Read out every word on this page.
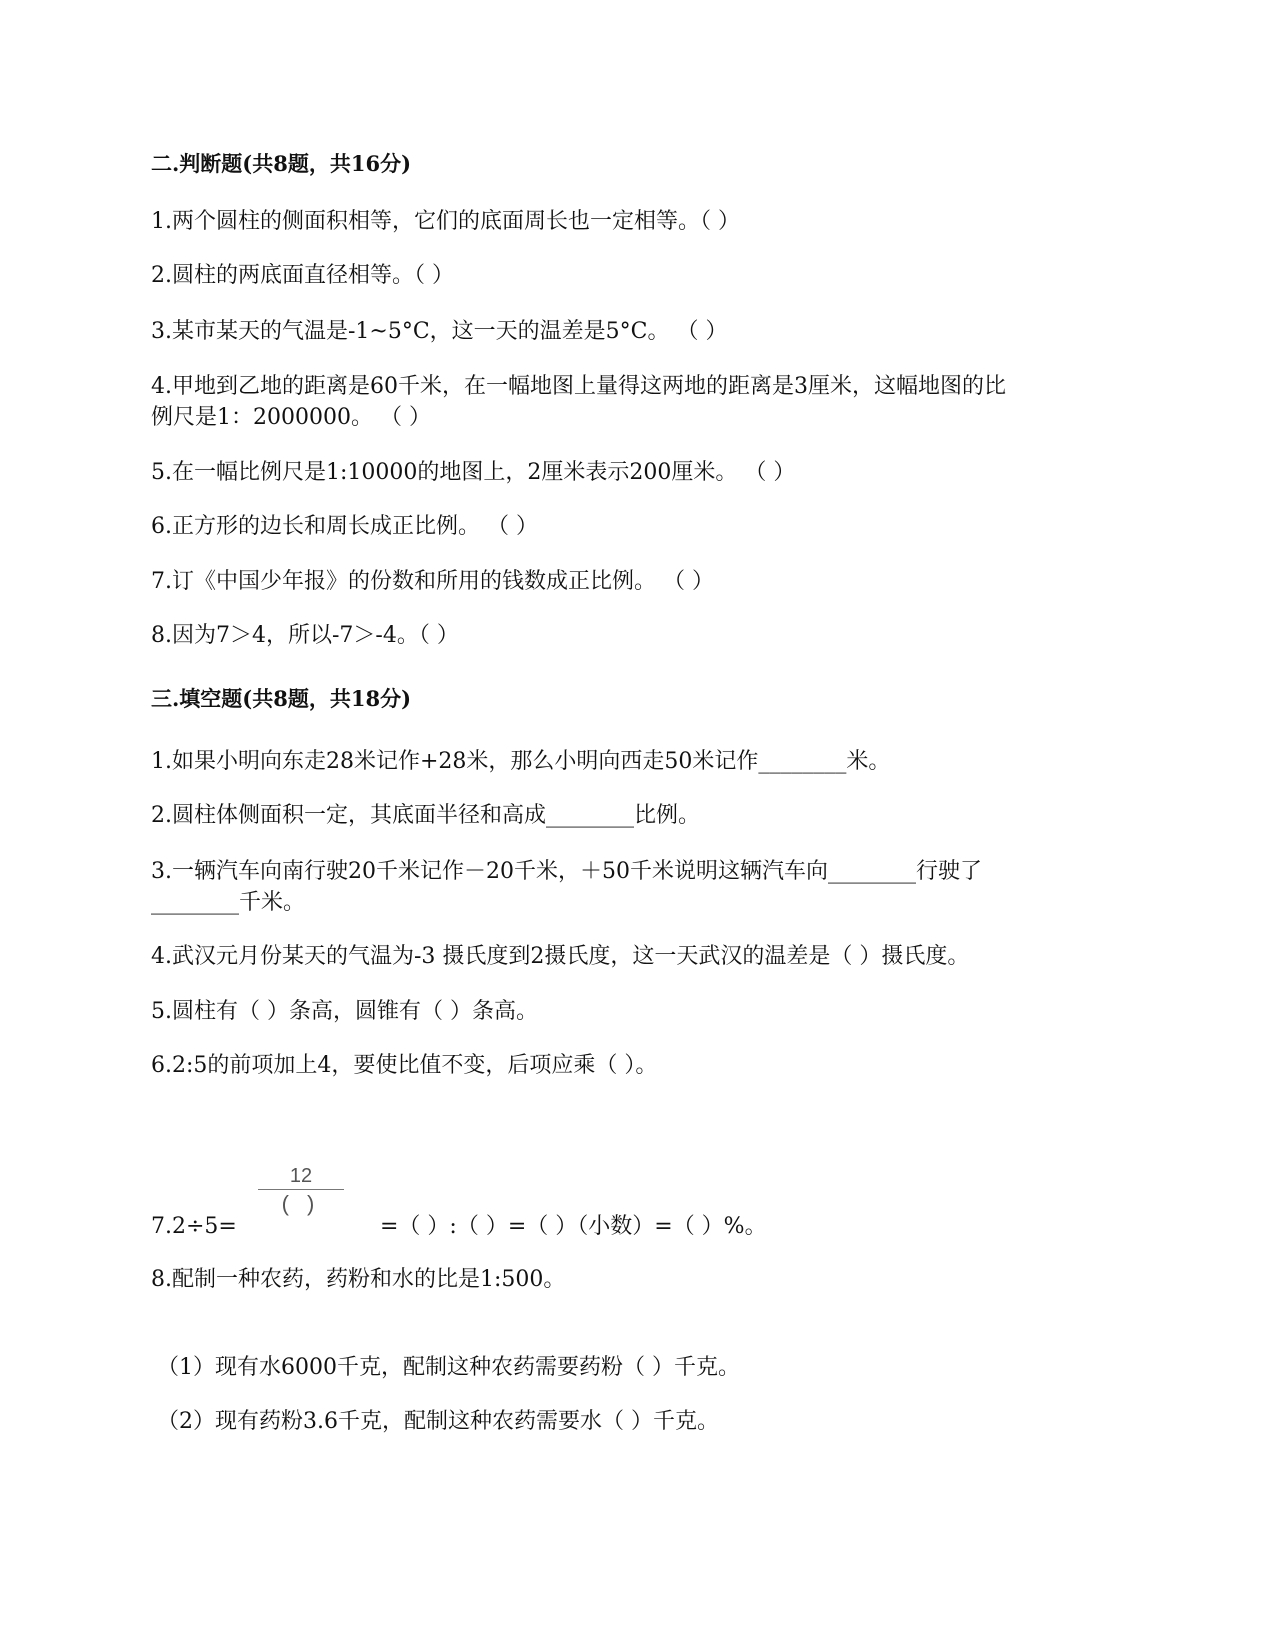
二.判断题(共8题，共16分)
1.两个圆柱的侧面积相等，它们的底面周长也一定相等。（ ）
2.圆柱的两底面直径相等。（ ）
3.某市某天的气温是-1~5°C，这一天的温差是5°C。 （ ）
4.甲地到乙地的距离是60千米，在一幅地图上量得这两地的距离是3厘米，这幅地图的比
例尺是1：2000000。 （ ）
5.在一幅比例尺是1:10000的地图上，2厘米表示200厘米。 （ ）
6.正方形的边长和周长成正比例。 （ ）
7.订《中国少年报》的份数和所用的钱数成正比例。 （ ）
8.因为7＞4，所以-7＞-4。（ ）
三.填空题(共8题，共18分)
1.如果小明向东走28米记作+28米，那么小明向西走50米记作________米。
2.圆柱体侧面积一定，其底面半径和高成________比例。
3.一辆汽车向南行驶20千米记作－20千米，＋50千米说明这辆汽车向________行驶了
________千米。
4.武汉元月份某天的气温为-3 摄氏度到2摄氏度，这一天武汉的温差是（ ）摄氏度。
5.圆柱有（ ）条高，圆锥有（ ）条高。
6.2:5的前项加上4，要使比值不变，后项应乘（ ）。
7.2÷5=
12
( )
=（ ）:（ ）=（ ）（小数）=（ ）%。
8.配制一种农药，药粉和水的比是1:500。
（1）现有水6000千克，配制这种农药需要药粉（ ）千克。
（2）现有药粉3.6千克，配制这种农药需要水（ ）千克。
